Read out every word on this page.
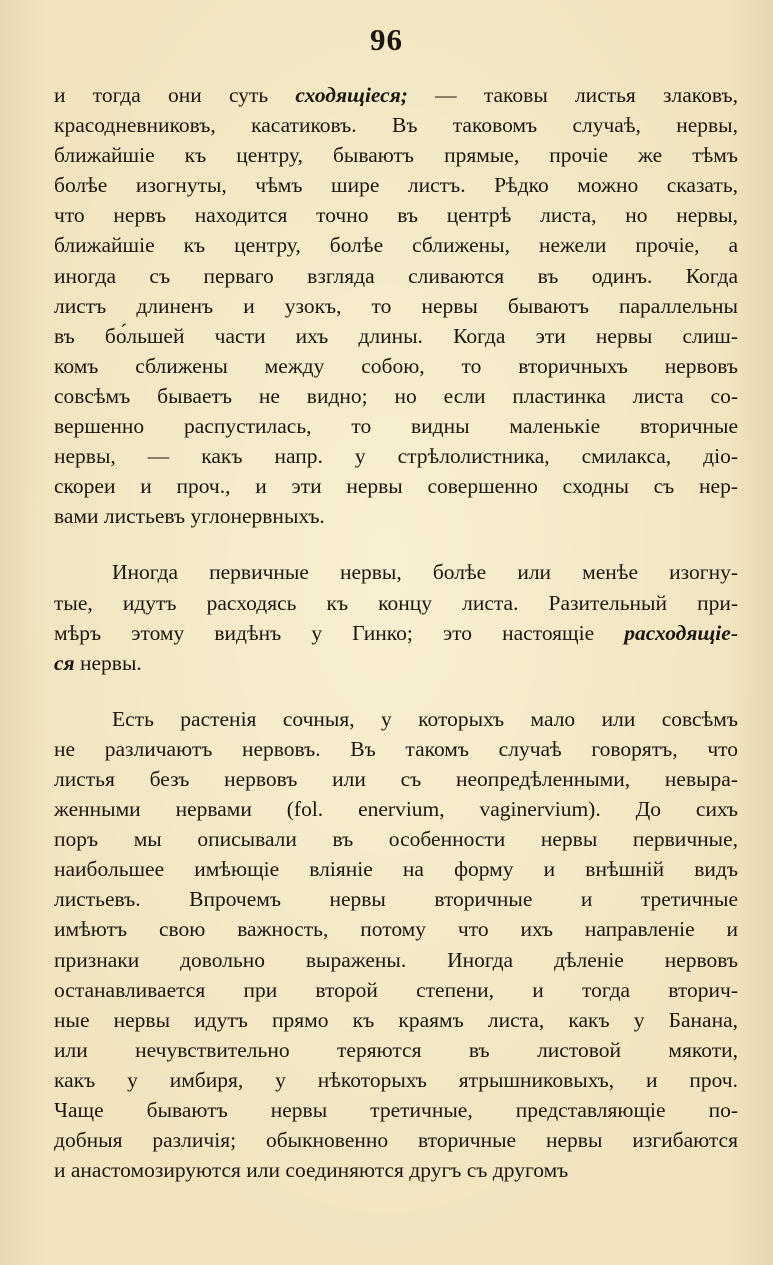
96

и тогда они суть сходящiеся; — таковы листья злаковъ,
красодневниковъ, касатиковъ. Въ таковомъ случаѣ, нервы,
ближайшiе къ центру, бываютъ прямые, прочiе же тѣмъ
болѣе изогнуты, чѣмъ шире листъ. Рѣдко можно сказать,
что нервъ находится точно въ центрѣ листа, но нервы,
ближайшiе къ центру, болѣе сближены, нежели прочiе, а
иногда съ перваго взгляда сливаются въ одинъ. Когда
листъ длиненъ и узокъ, то нервы бываютъ параллельны
въ бо́льшей части ихъ длины. Когда эти нервы слиш-
комъ сближены между собою, то вторичныхъ нервовъ
совсѣмъ бываетъ не видно; но если пластинка листа со-
вершенно распустилась, то видны маленькiе вторичные
нервы, — какъ напр. у стрѣлолистника, смилакса, дiо-
скореи и проч., и эти нервы совершенно сходны съ нер-
вами листьевъ углонервныхъ.

Иногда первичные нервы, болѣе или менѣе изогну-
тые, идутъ расходясь къ концу листа. Разительный при-
мѣръ этому видѣнъ у Гинко; это настоящiе расходящiе-
ся нервы.

Есть растенiя сочныя, у которыхъ мало или совсѣмъ
не различаютъ нервовъ. Въ такомъ случаѣ говорятъ, что
листья безъ нервовъ или съ неопредѣленными, невыра-
женными нервами (fol. enervium, vaginervium). До сихъ
поръ мы описывали въ особенности нервы первичные,
наибольшее имѣющiе влiянiе на форму и внѣшнiй видъ
листьевъ. Впрочемъ нервы вторичные и третичные
имѣютъ свою важность, потому что ихъ направленiе и
признаки довольно выражены. Иногда дѣленiе нервовъ
останавливается при второй степени, и тогда вторич-
ные нервы идутъ прямо къ краямъ листа, какъ у Банана,
или нечувствительно теряются въ листовой мякоти,
какъ у имбиря, у нѣкоторыхъ ятрышниковыхъ, и проч.
Чаще бываютъ нервы третичные, представляющiе по-
добныя различiя; обыкновенно вторичные нервы изгибаются
и анастомозируются или соединяются другъ съ другомъ
